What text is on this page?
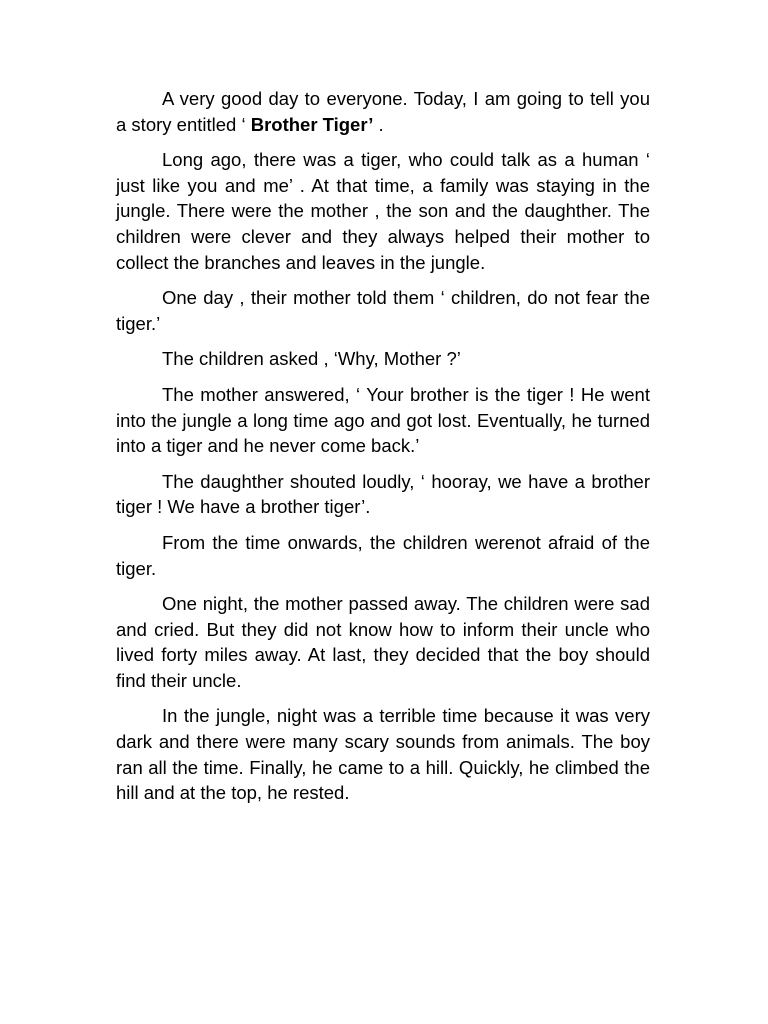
A very good day to everyone. Today, I am going to tell you a story entitled ‘ Brother Tiger’ .

Long ago, there was a tiger, who could talk as a human ‘ just like you and me’ . At that time, a family was staying in the jungle. There were the mother , the son and the daughther. The children were clever and they always helped their mother to collect the branches and leaves in the jungle.

One day , their mother told them ‘ children, do not fear the tiger.’

The children asked , ‘Why, Mother ?’

The mother answered, ‘ Your brother is the tiger ! He went into the jungle a long time ago and got lost. Eventually, he turned into a tiger and he never come back.’

The daughther shouted loudly, ‘ hooray, we have a brother tiger ! We have a brother tiger’.

From the time onwards, the children werenot afraid of the tiger.

One night, the mother passed away. The children were sad and cried. But they did not know how to inform their uncle who lived forty miles away. At last, they decided that the boy should find their uncle.

In the jungle, night was a terrible time because it was very dark and there were many scary sounds from animals. The boy ran all the time. Finally, he came to a hill. Quickly, he climbed the hill and at the top, he rested.
